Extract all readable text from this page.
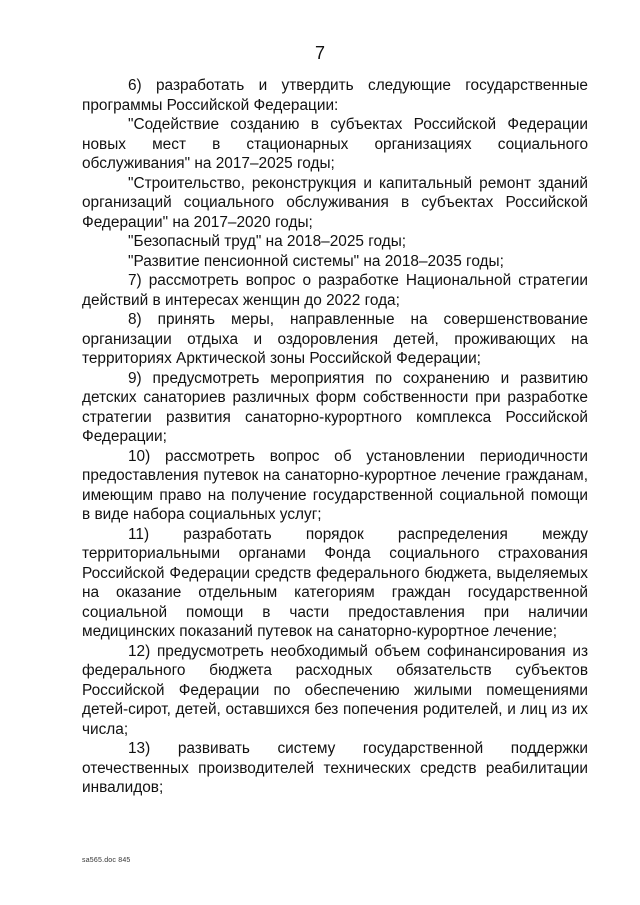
7

6) разработать и утвердить следующие государственные программы Российской Федерации:

"Содействие созданию в субъектах Российской Федерации новых мест в стационарных организациях социального обслуживания" на 2017–2025 годы;

"Строительство, реконструкция и капитальный ремонт зданий организаций социального обслуживания в субъектах Российской Федерации" на 2017–2020 годы;

"Безопасный труд" на 2018–2025 годы;

"Развитие пенсионной системы" на 2018–2035 годы;

7) рассмотреть вопрос о разработке Национальной стратегии действий в интересах женщин до 2022 года;

8) принять меры, направленные на совершенствование организации отдыха и оздоровления детей, проживающих на территориях Арктической зоны Российской Федерации;

9) предусмотреть мероприятия по сохранению и развитию детских санаториев различных форм собственности при разработке стратегии развития санаторно-курортного комплекса Российской Федерации;

10) рассмотреть вопрос об установлении периодичности предоставления путевок на санаторно-курортное лечение гражданам, имеющим право на получение государственной социальной помощи в виде набора социальных услуг;

11) разработать порядок распределения между территориальными органами Фонда социального страхования Российской Федерации средств федерального бюджета, выделяемых на оказание отдельным категориям граждан государственной социальной помощи в части предоставления при наличии медицинских показаний путевок на санаторно-курортное лечение;

12) предусмотреть необходимый объем софинансирования из федерального бюджета расходных обязательств субъектов Российской Федерации по обеспечению жилыми помещениями детей-сирот, детей, оставшихся без попечения родителей, и лиц из их числа;

13) развивать систему государственной поддержки отечественных производителей технических средств реабилитации инвалидов;

sa565.doc 845
